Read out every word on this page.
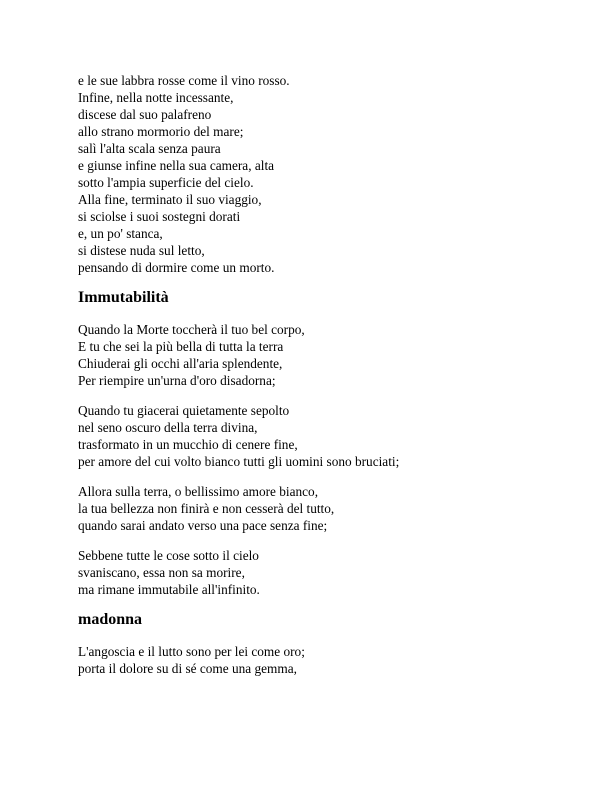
e le sue labbra rosse come il vino rosso.
Infine, nella notte incessante,
discese dal suo palafreno
allo strano mormorio del mare;
salì l'alta scala senza paura
e giunse infine nella sua camera, alta
sotto l'ampia superficie del cielo.
Alla fine, terminato il suo viaggio,
si sciolse i suoi sostegni dorati
e, un po' stanca,
si distese nuda sul letto,
pensando di dormire come un morto.
Immutabilità
Quando la Morte toccherà il tuo bel corpo,
E tu che sei la più bella di tutta la terra
Chiuderai gli occhi all'aria splendente,
Per riempire un'urna d'oro disadorna;
Quando tu giacerai quietamente sepolto
nel seno oscuro della terra divina,
trasformato in un mucchio di cenere fine,
per amore del cui volto bianco tutti gli uomini sono bruciati;
Allora sulla terra, o bellissimo amore bianco,
la tua bellezza non finirà e non cesserà del tutto,
quando sarai andato verso una pace senza fine;
Sebbene tutte le cose sotto il cielo
svaniscano, essa non sa morire,
ma rimane immutabile all'infinito.
madonna
L'angoscia e il lutto sono per lei come oro;
porta il dolore su di sé come una gemma,
